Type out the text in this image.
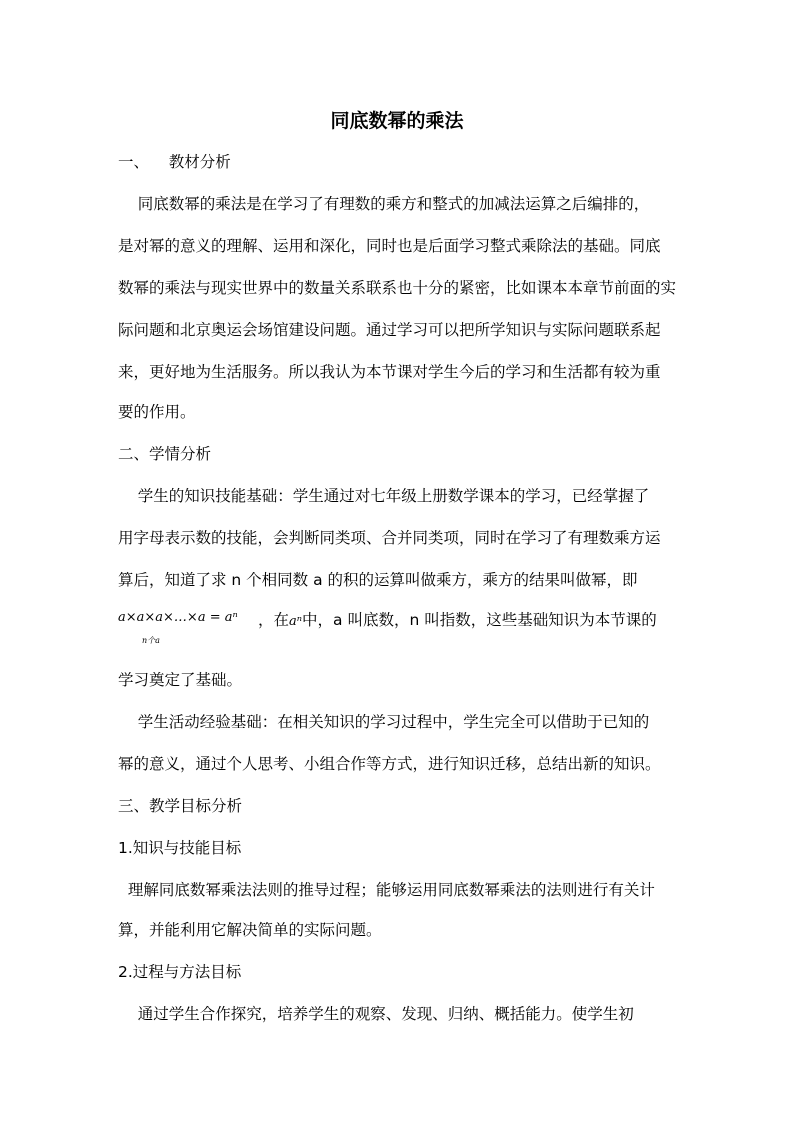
同底数幂的乘法
一、    教材分析
同底数幂的乘法是在学习了有理数的乘方和整式的加减法运算之后编排的，
是对幂的意义的理解、运用和深化，同时也是后面学习整式乘除法的基础。同底
数幂的乘法与现实世界中的数量关系联系也十分的紧密，比如课本本章节前面的实
际问题和北京奥运会场馆建设问题。通过学习可以把所学知识与实际问题联系起
来，更好地为生活服务。所以我认为本节课对学生今后的学习和生活都有较为重
要的作用。
二、学情分析
学生的知识技能基础：学生通过对七年级上册数学课本的学习，已经掌握了
用字母表示数的技能，会判断同类项、合并同类项，同时在学习了有理数乘方运
算后，知道了求 n 个相同数 a 的积的运算叫做乘方，乘方的结果叫做幂，即
a×a×a×…×a = aⁿ
n个a
，在aⁿ中，a 叫底数，n 叫指数，这些基础知识为本节课的
学习奠定了基础。
学生活动经验基础：在相关知识的学习过程中，学生完全可以借助于已知的
幂的意义，通过个人思考、小组合作等方式，进行知识迁移，总结出新的知识。
三、教学目标分析
1.知识与技能目标
理解同底数幂乘法法则的推导过程；能够运用同底数幂乘法的法则进行有关计
算，并能利用它解决简单的实际问题。
2.过程与方法目标
通过学生合作探究，培养学生的观察、发现、归纳、概括能力。使学生初
